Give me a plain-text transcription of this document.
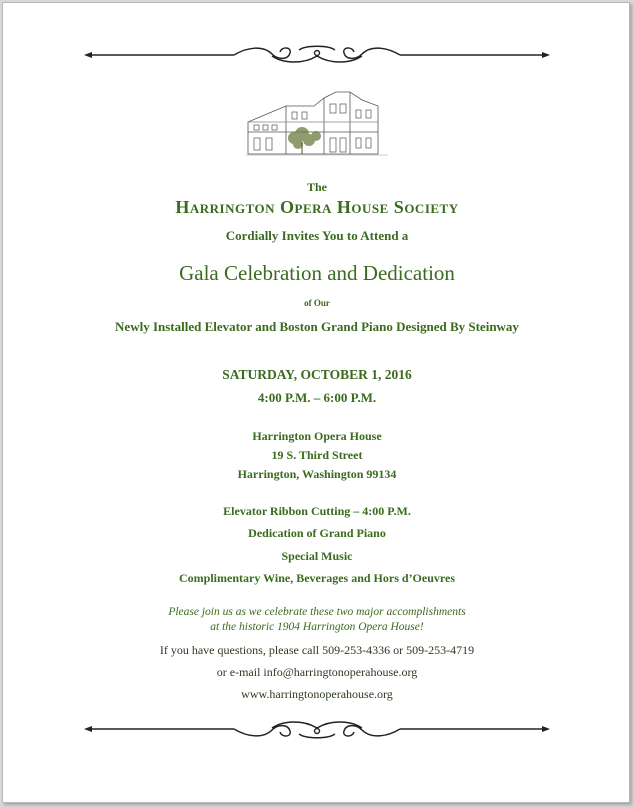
The
Harrington Opera House Society
Cordially Invites You to Attend a
Gala Celebration and Dedication
of Our
Newly Installed Elevator and Boston Grand Piano Designed By Steinway
SATURDAY, OCTOBER 1, 2016
4:00 P.M. – 6:00 P.M.
Harrington Opera House
19 S. Third Street
Harrington, Washington 99134
Elevator Ribbon Cutting – 4:00 P.M.
Dedication of Grand Piano
Special Music
Complimentary Wine, Beverages and Hors d’Oeuvres
Please join us as we celebrate these two major accomplishments
at the historic 1904 Harrington Opera House!
If you have questions, please call 509-253-4336 or 509-253-4719
or e-mail info@harringtonoperahouse.org
www.harringtonoperahouse.org
